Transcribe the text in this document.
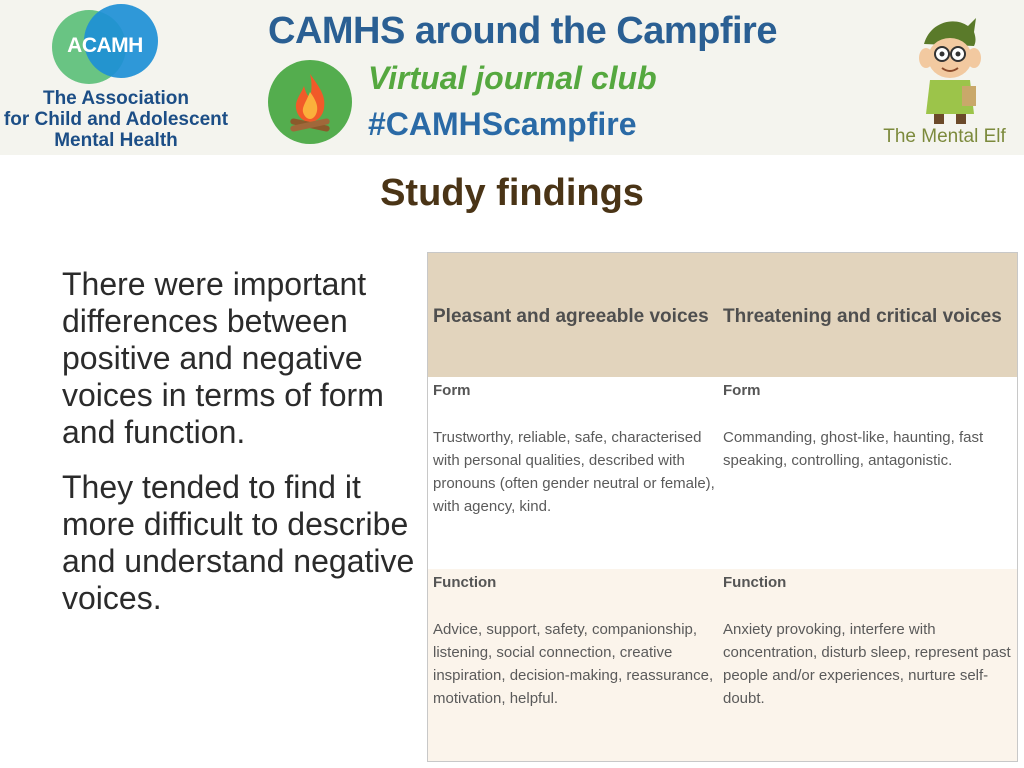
ACAMH
The Association
for Child and Adolescent
Mental Health
CAMHS around the Campfire
Virtual journal club
#CAMHScampfire	The Mental Elf
Study findings

There were important differences between positive and negative voices in terms of form and function.

They tended to find it more difficult to describe and understand negative voices.

Pleasant and agreeable voices Threatening and critical voices
Form
Trustworthy, reliable, safe, characterised with personal qualities, described with pronouns (often gender neutral or female), with agency, kind.
Form
Commanding, ghost-like, haunting, fast speaking, controlling, antagonistic.
Function
Advice, support, safety, companionship, listening, social connection, creative inspiration, decision-making, reassurance, motivation, helpful.
Function
Anxiety provoking, interfere with concentration, disturb sleep, represent past people and/or experiences, nurture self-doubt.
